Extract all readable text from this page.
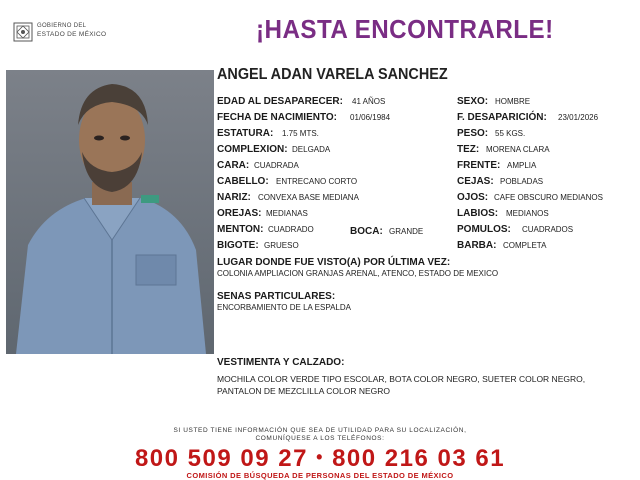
GOBIERNO DEL
ESTADO DE MÉXICO	¡HASTA ENCONTRARLE!
ANGEL ADAN VARELA SANCHEZ
EDAD AL DESAPARECER: 41 AÑOS
FECHA DE NACIMIENTO: 01/06/1984
ESTATURA: 1.75 MTS.
COMPLEXION: DELGADA
CARA: CUADRADA
CABELLO: ENTRECANO CORTO
NARIZ: CONVEXA BASE MEDIANA
OREJAS: MEDIANAS
MENTON: CUADRADO	BOCA: GRANDE
BIGOTE: GRUESO
SEXO: HOMBRE
F. DESAPARICIÓN: 23/01/2026
PESO: 55 KGS.
TEZ: MORENA CLARA
FRENTE: AMPLIA
CEJAS: POBLADAS
OJOS: CAFE OBSCURO MEDIANOS
LABIOS: MEDIANOS
POMULOS: CUADRADOS
BARBA: COMPLETA
LUGAR DONDE FUE VISTO(A) POR ÚLTIMA VEZ:
COLONIA AMPLIACION GRANJAS ARENAL, ATENCO, ESTADO DE MEXICO
SENAS PARTICULARES:
ENCORBAMIENTO DE LA ESPALDA
VESTIMENTA Y CALZADO:
MOCHILA COLOR VERDE TIPO ESCOLAR, BOTA COLOR NEGRO, SUETER COLOR NEGRO, PANTALON DE MEZCLILLA COLOR NEGRO
SI USTED TIENE INFORMACIÓN QUE SEA DE UTILIDAD PARA SU LOCALIZACIÓN,
COMUNÍQUESE A LOS TELÉFONOS:
800 509 09 27 • 800 216 03 61
COMISIÓN DE BÚSQUEDA DE PERSONAS DEL ESTADO DE MÉXICO
